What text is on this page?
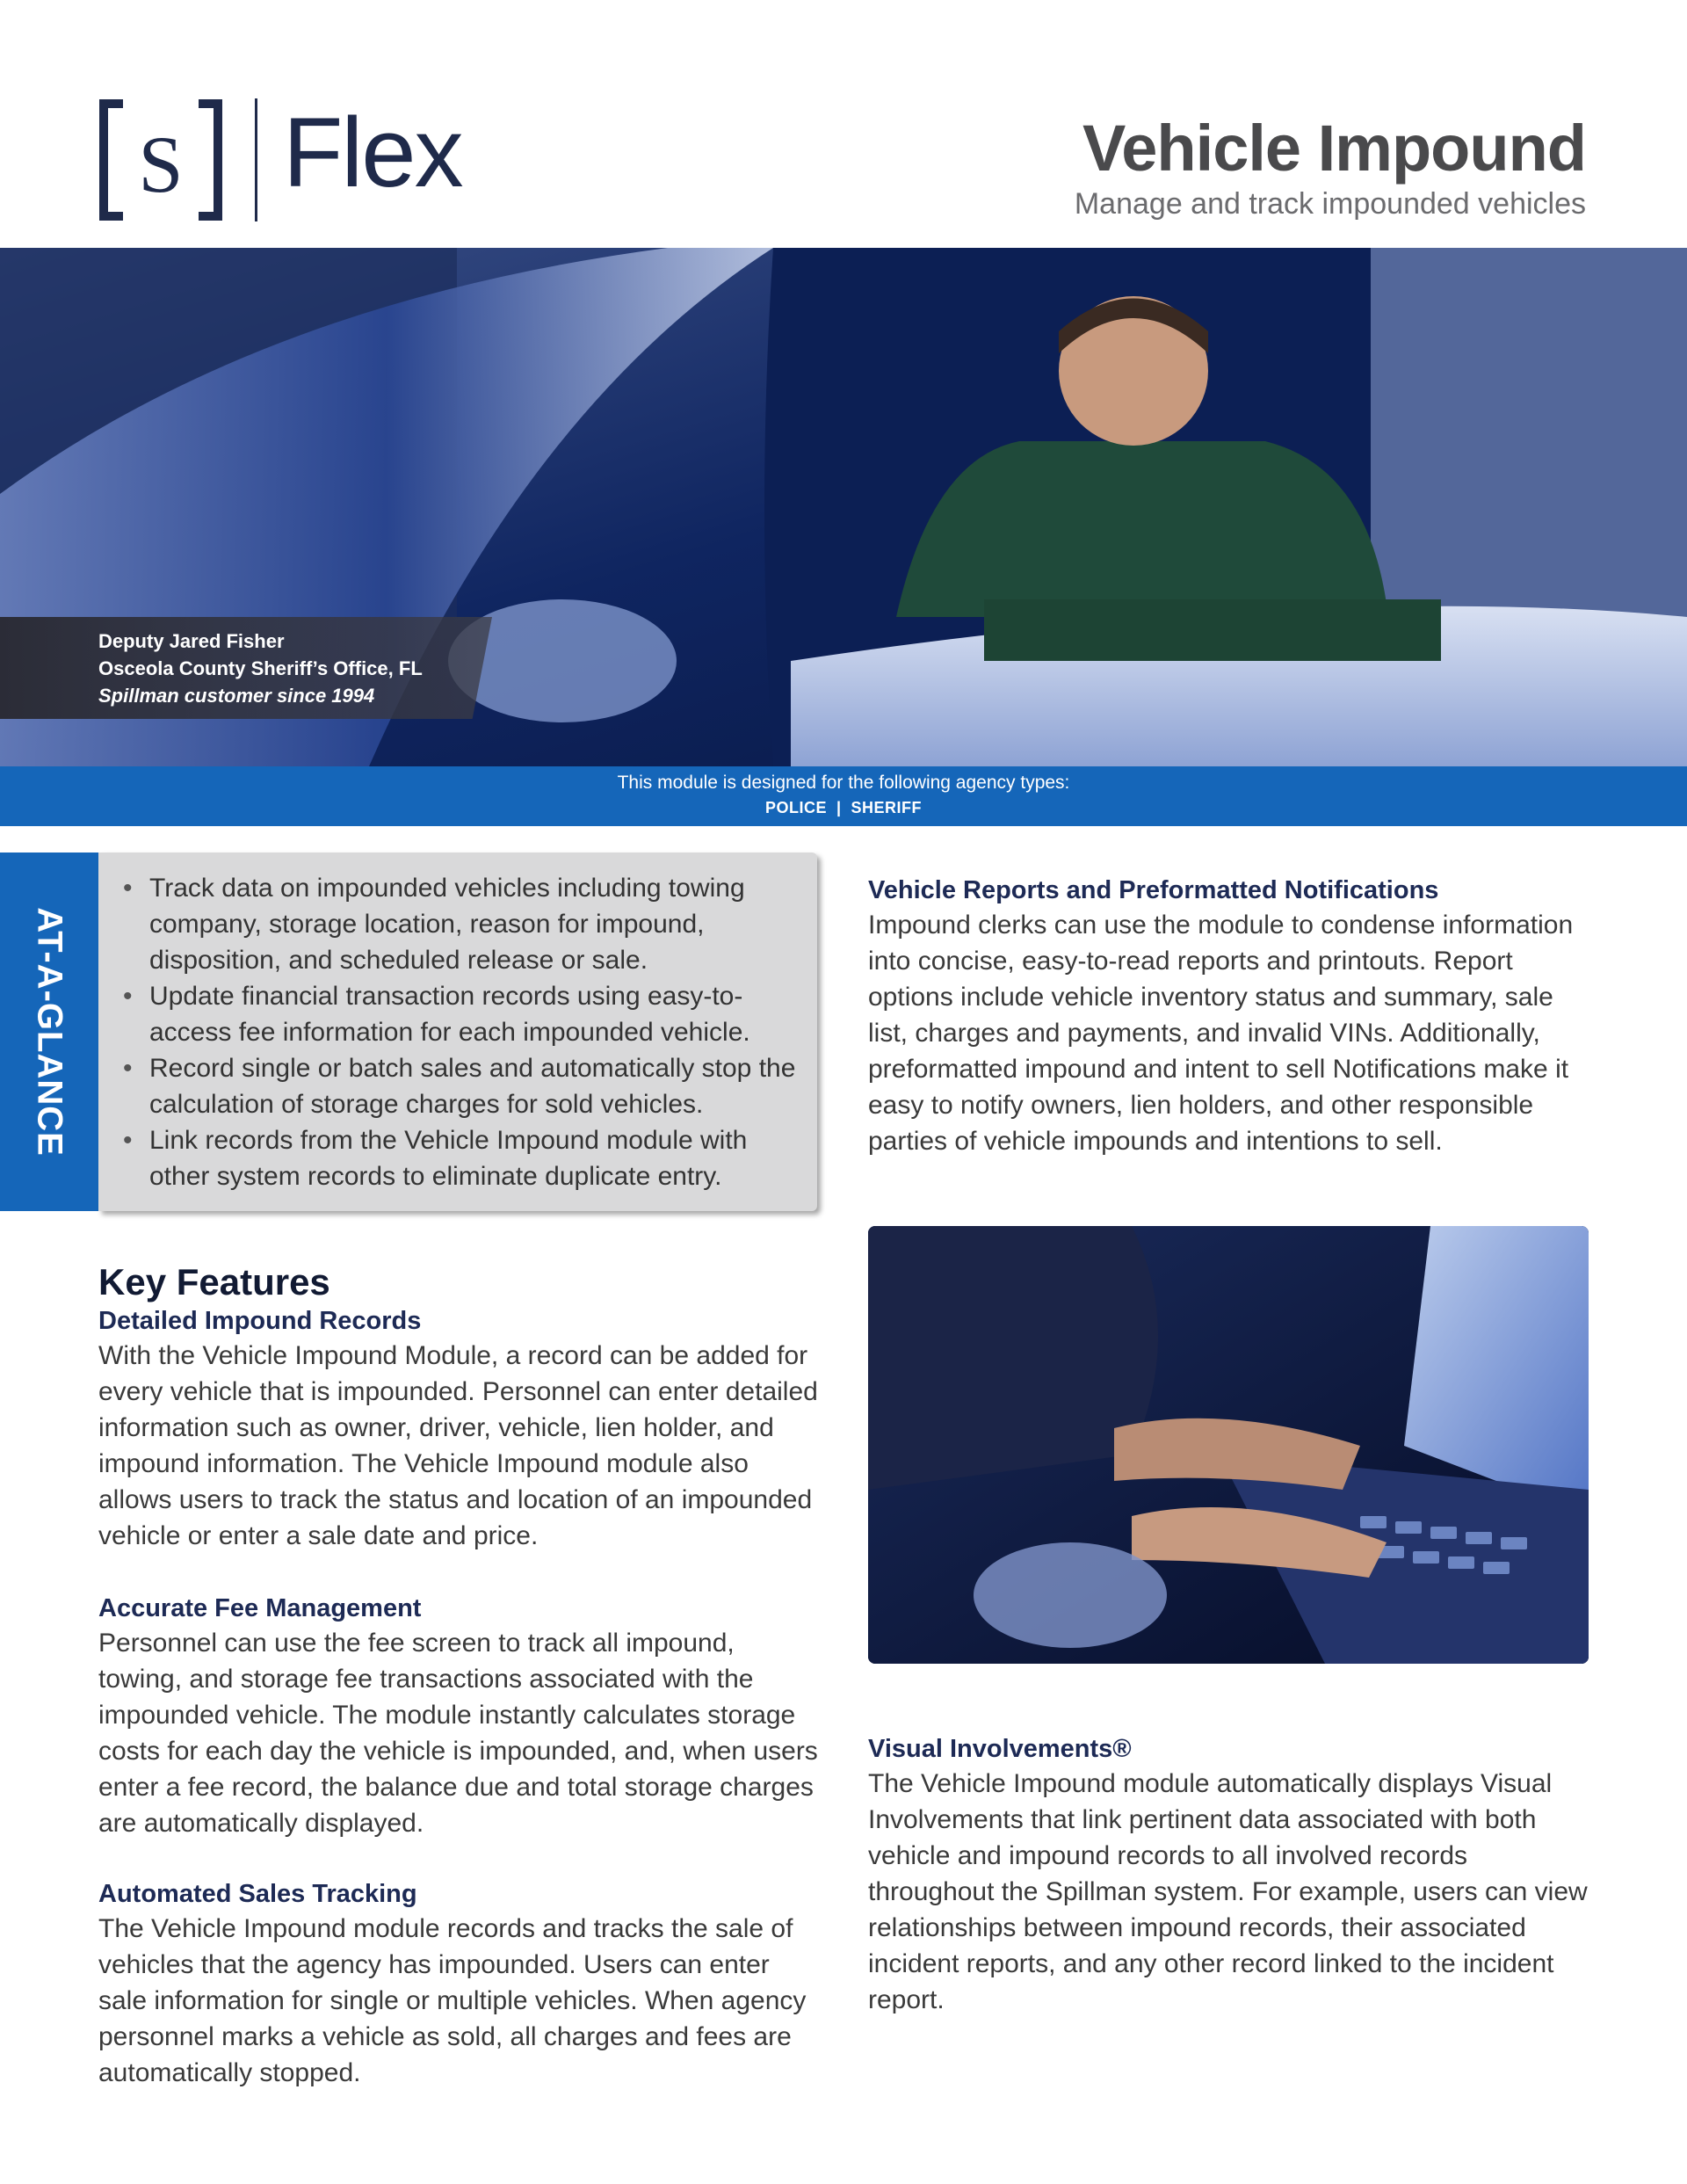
S Flex	Vehicle Impound
Manage and track impounded vehicles
Deputy Jared Fisher
Osceola County Sheriff’s Office, FL
Spillman customer since 1994
This module is designed for the following agency types:
POLICE  |  SHERIFF
AT-A-GLANCE
• Track data on impounded vehicles including towing company, storage location, reason for impound, disposition, and scheduled release or sale.
• Update financial transaction records using easy-to-access fee information for each impounded vehicle.
• Record single or batch sales and automatically stop the calculation of storage charges for sold vehicles.
• Link records from the Vehicle Impound module with other system records to eliminate duplicate entry.
Key Features
Detailed Impound Records

With the Vehicle Impound Module, a record can be added for every vehicle that is impounded. Personnel can enter detailed information such as owner, driver, vehicle, lien holder, and impound information. The Vehicle Impound module also allows users to track the status and location of an impounded vehicle or enter a sale date and price.

Accurate Fee Management

Personnel can use the fee screen to track all impound, towing, and storage fee transactions associated with the impounded vehicle. The module instantly calculates storage costs for each day the vehicle is impounded, and, when users enter a fee record, the balance due and total storage charges are automatically displayed.

Automated Sales Tracking

The Vehicle Impound module records and tracks the sale of vehicles that the agency has impounded. Users can enter sale information for single or multiple vehicles. When agency personnel marks a vehicle as sold, all charges and fees are automatically stopped.

Vehicle Reports and Preformatted Notifications

Impound clerks can use the module to condense information into concise, easy-to-read reports and printouts. Report options include vehicle inventory status and summary, sale list, charges and payments, and invalid VINs. Additionally, preformatted impound and intent to sell Notifications make it easy to notify owners, lien holders, and other responsible parties of vehicle impounds and intentions to sell.

Visual Involvements®

The Vehicle Impound module automatically displays Visual Involvements that link pertinent data associated with both vehicle and impound records to all involved records throughout the Spillman system. For example, users can view relationships between impound records, their associated incident reports, and any other record linked to the incident report.
